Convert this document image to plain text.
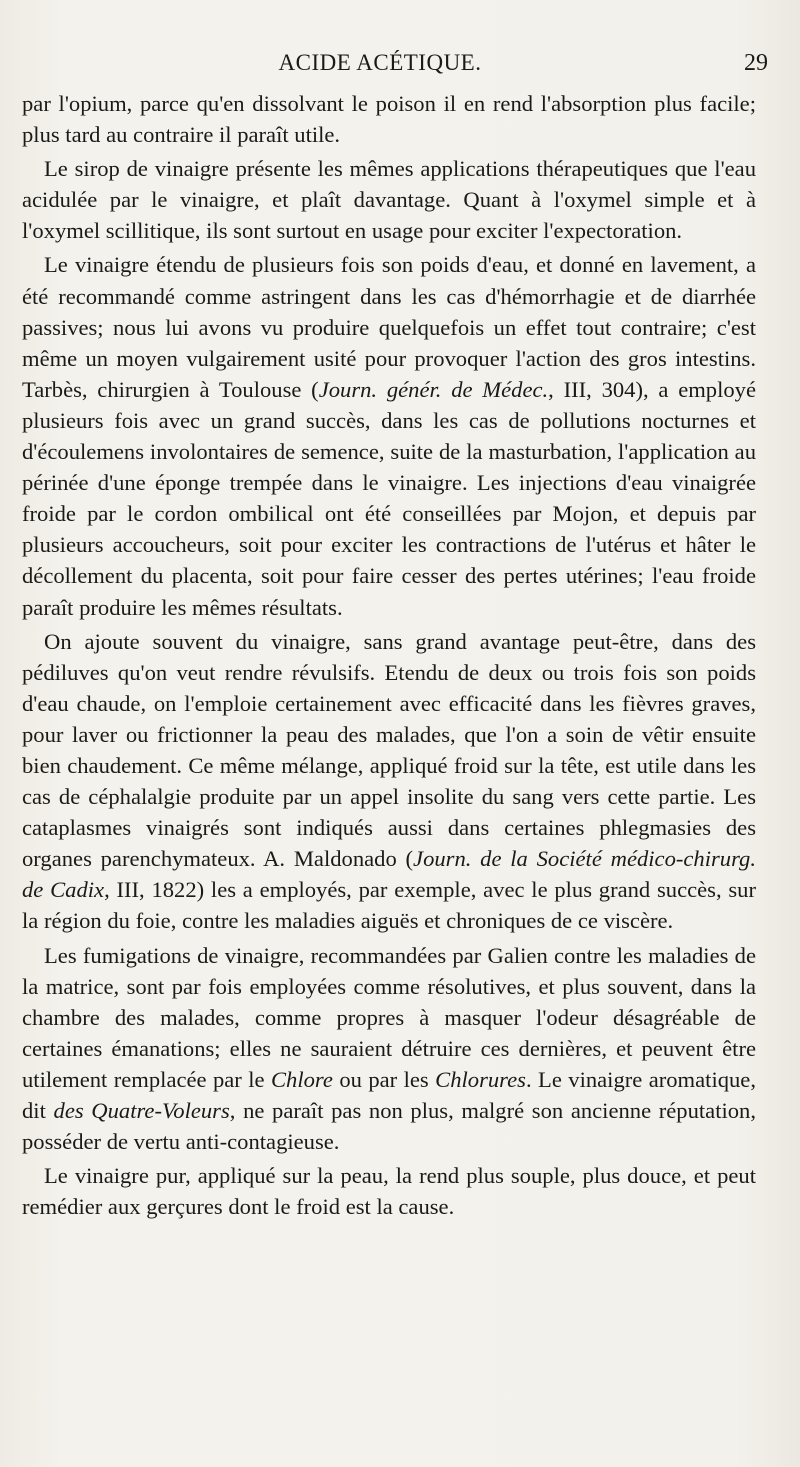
ACIDE ACÉTIQUE.	29

par l'opium, parce qu'en dissolvant le poison il en rend l'absorption plus facile; plus tard au contraire il paraît utile.

Le sirop de vinaigre présente les mêmes applications thérapeutiques que l'eau acidulée par le vinaigre, et plaît davantage. Quant à l'oxymel simple et à l'oxymel scillitique, ils sont surtout en usage pour exciter l'expectoration.

Le vinaigre étendu de plusieurs fois son poids d'eau, et donné en lavement, a été recommandé comme astringent dans les cas d'hémorrhagie et de diarrhée passives; nous lui avons vu produire quelquefois un effet tout contraire; c'est même un moyen vulgairement usité pour provoquer l'action des gros intestins. Tarbès, chirurgien à Toulouse (Journ. génér. de Médec., III, 304), a employé plusieurs fois avec un grand succès, dans les cas de pollutions nocturnes et d'écoulemens involontaires de semence, suite de la masturbation, l'application au périnée d'une éponge trempée dans le vinaigre. Les injections d'eau vinaigrée froide par le cordon ombilical ont été conseillées par Mojon, et depuis par plusieurs accoucheurs, soit pour exciter les contractions de l'utérus et hâter le décollement du placenta, soit pour faire cesser des pertes utérines; l'eau froide paraît produire les mêmes résultats.

On ajoute souvent du vinaigre, sans grand avantage peut-être, dans des pédiluves qu'on veut rendre révulsifs. Etendu de deux ou trois fois son poids d'eau chaude, on l'emploie certainement avec efficacité dans les fièvres graves, pour laver ou frictionner la peau des malades, que l'on a soin de vêtir ensuite bien chaudement. Ce même mélange, appliqué froid sur la tête, est utile dans les cas de céphalalgie produite par un appel insolite du sang vers cette partie. Les cataplasmes vinaigrés sont indiqués aussi dans certaines phlegmasies des organes parenchymateux. A. Maldonado (Journ. de la Société médico-chirurg. de Cadix, III, 1822) les a employés, par exemple, avec le plus grand succès, sur la région du foie, contre les maladies aiguës et chroniques de ce viscère.

Les fumigations de vinaigre, recommandées par Galien contre les maladies de la matrice, sont par fois employées comme résolutives, et plus souvent, dans la chambre des malades, comme propres à masquer l'odeur désagréable de certaines émanations; elles ne sauraient détruire ces dernières, et peuvent être utilement remplacée par le Chlore ou par les Chlorures. Le vinaigre aromatique, dit des Quatre-Voleurs, ne paraît pas non plus, malgré son ancienne réputation, posséder de vertu anti-contagieuse.

Le vinaigre pur, appliqué sur la peau, la rend plus souple, plus douce, et peut remédier aux gerçures dont le froid est la cause.
